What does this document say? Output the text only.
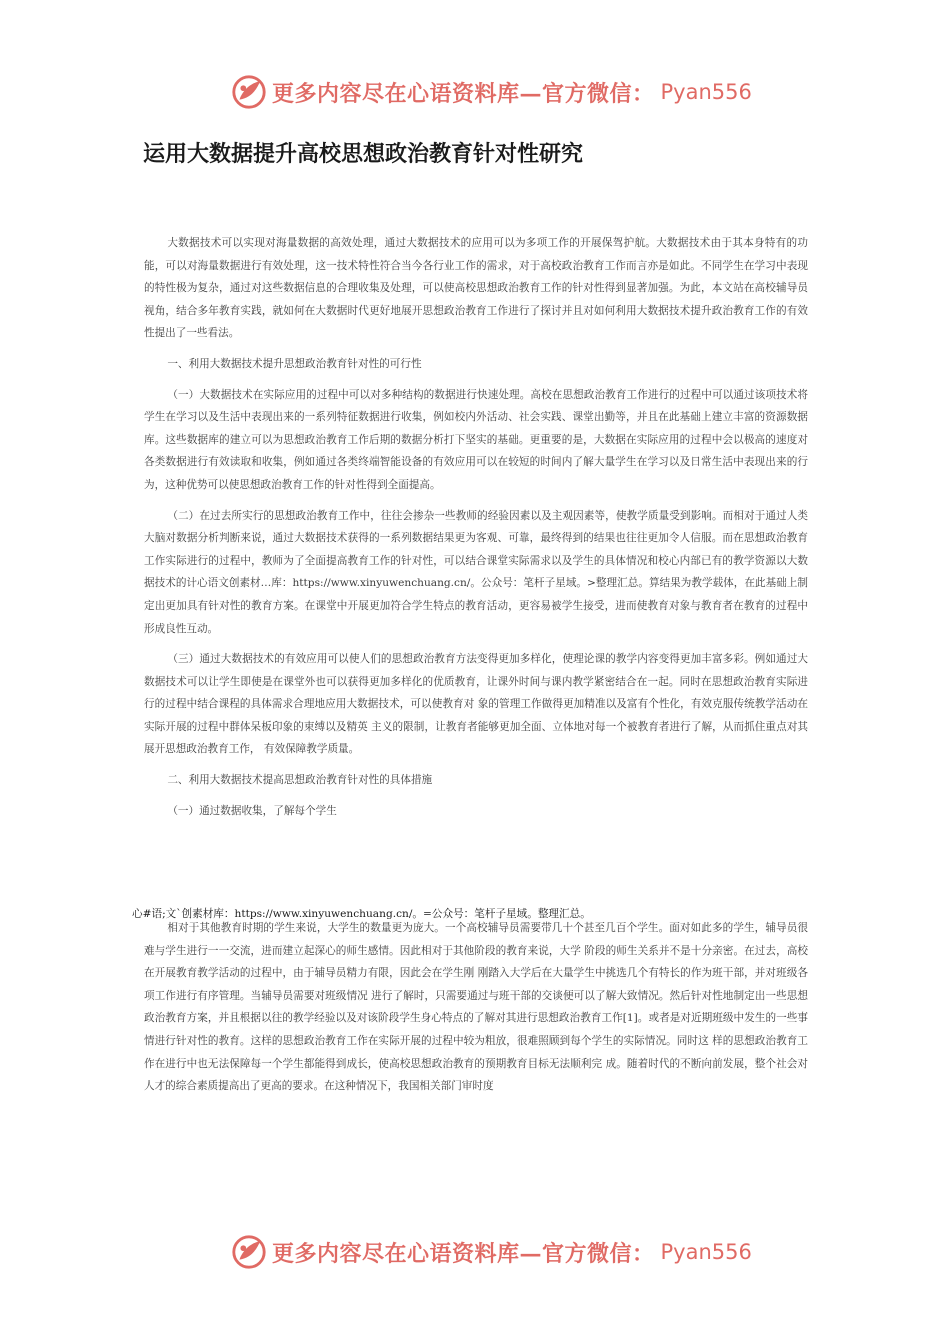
更多内容尽在心语资料库—官方微信： Pyan556
运用大数据提升高校思想政治教育针对性研究

大数据技术可以实现对海量数据的高效处理，通过大数据技术的应用可以为多项工作的开展保驾护航。大数据技术由于其本身特有的功能，可以对海量数据进行有效处理，这一技术特性符合当今各行业工作的需求，对于高校政治教育工作而言亦是如此。不同学生在学习中表现的特性极为复杂，通过对这些数据信息的合理收集及处理，可以使高校思想政治教育工作的针对性得到显著加强。为此，本文站在高校辅导员视角，结合多年教育实践，就如何在大数据时代更好地展开思想政治教育工作进行了探讨并且对如何利用大数据技术提升政治教育工作的有效性提出了一些看法。

一、利用大数据技术提升思想政治教育针对性的可行性

（一）大数据技术在实际应用的过程中可以对多种结构的数据进行快速处理。高校在思想政治教育工作进行的过程中可以通过该项技术将学生在学习以及生活中表现出来的一系列特征数据进行收集，例如校内外活动、社会实践、课堂出勤等，并且在此基础上建立丰富的资源数据库。这些数据库的建立可以为思想政治教育工作后期的数据分析打下坚实的基础。更重要的是，大数据在实际应用的过程中会以极高的速度对各类数据进行有效读取和收集，例如通过各类终端智能设备的有效应用可以在较短的时间内了解大量学生在学习以及日常生活中表现出来的行为，这种优势可以使思想政治教育工作的针对性得到全面提高。

（二）在过去所实行的思想政治教育工作中，往往会掺杂一些教师的经验因素以及主观因素等，使教学质量受到影响。而相对于通过人类大脑对数据分析判断来说，通过大数据技术获得的一系列数据结果更为客观、可靠，最终得到的结果也往往更加令人信服。而在思想政治教育工作实际进行的过程中，教师为了全面提高教育工作的针对性，可以结合课堂实际需求以及学生的具体情况和校心内部已有的教学资源以大数据技术的计心语文创素材…库：https://www.xinyuwenchuang.cn/。公众号：笔杆子星域。>整理汇总。算结果为教学载体，在此基础上制定出更加具有针对性的教育方案。在课堂中开展更加符合学生特点的教育活动，更容易被学生接受，进而使教育对象与教育者在教育的过程中形成良性互动。

（三）通过大数据技术的有效应用可以使人们的思想政治教育方法变得更加多样化，使理论课的教学内容变得更加丰富多彩。例如通过大数据技术可以让学生即使是在课堂外也可以获得更加多样化的优质教育，让课外时间与课内教学紧密结合在一起。同时在思想政治教育实际进行的过程中结合课程的具体需求合理地应用大数据技术，可以使教育对 象的管理工作做得更加精准以及富有个性化，有效克服传统教学活动在实际开展的过程中群体呆板印象的束缚以及精英 主义的限制，让教育者能够更加全面、立体地对每一个被教育者进行了解，从而抓住重点对其展开思想政治教育工作， 有效保障教学质量。

二、利用大数据技术提高思想政治教育针对性的具体措施

（一）通过数据收集，了解每个学生

心#语;文`创素材库：https://www.xinyuwenchuang.cn/。=公众号：笔杆子星域。整理汇总。

相对于其他教育时期的学生来说，大学生的数量更为庞大。一个高校辅导员需要带几十个甚至几百个学生。面对如此多的学生，辅导员很难与学生进行一一交流，进而建立起深心的师生感情。因此相对于其他阶段的教育来说，大学 阶段的师生关系并不是十分亲密。在过去，高校在开展教育教学活动的过程中，由于辅导员精力有限，因此会在学生刚 刚踏入大学后在大量学生中挑选几个有特长的作为班干部，并对班级各项工作进行有序管理。当辅导员需要对班级情况 进行了解时，只需要通过与班干部的交谈便可以了解大致情况。然后针对性地制定出一些思想政治教育方案，并且根据以往的教学经验以及对该阶段学生身心特点的了解对其进行思想政治教育工作[1]。或者是对近期班级中发生的一些事情进行针对性的教育。这样的思想政治教育工作在实际开展的过程中较为粗放，很难照顾到每个学生的实际情况。同时这 样的思想政治教育工作在进行中也无法保障每一个学生都能得到成长，使高校思想政治教育的预期教育目标无法顺利完 成。随着时代的不断向前发展，整个社会对人才的综合素质提高出了更高的要求。在这种情况下，我国相关部门审时度

更多内容尽在心语资料库—官方微信： Pyan556
